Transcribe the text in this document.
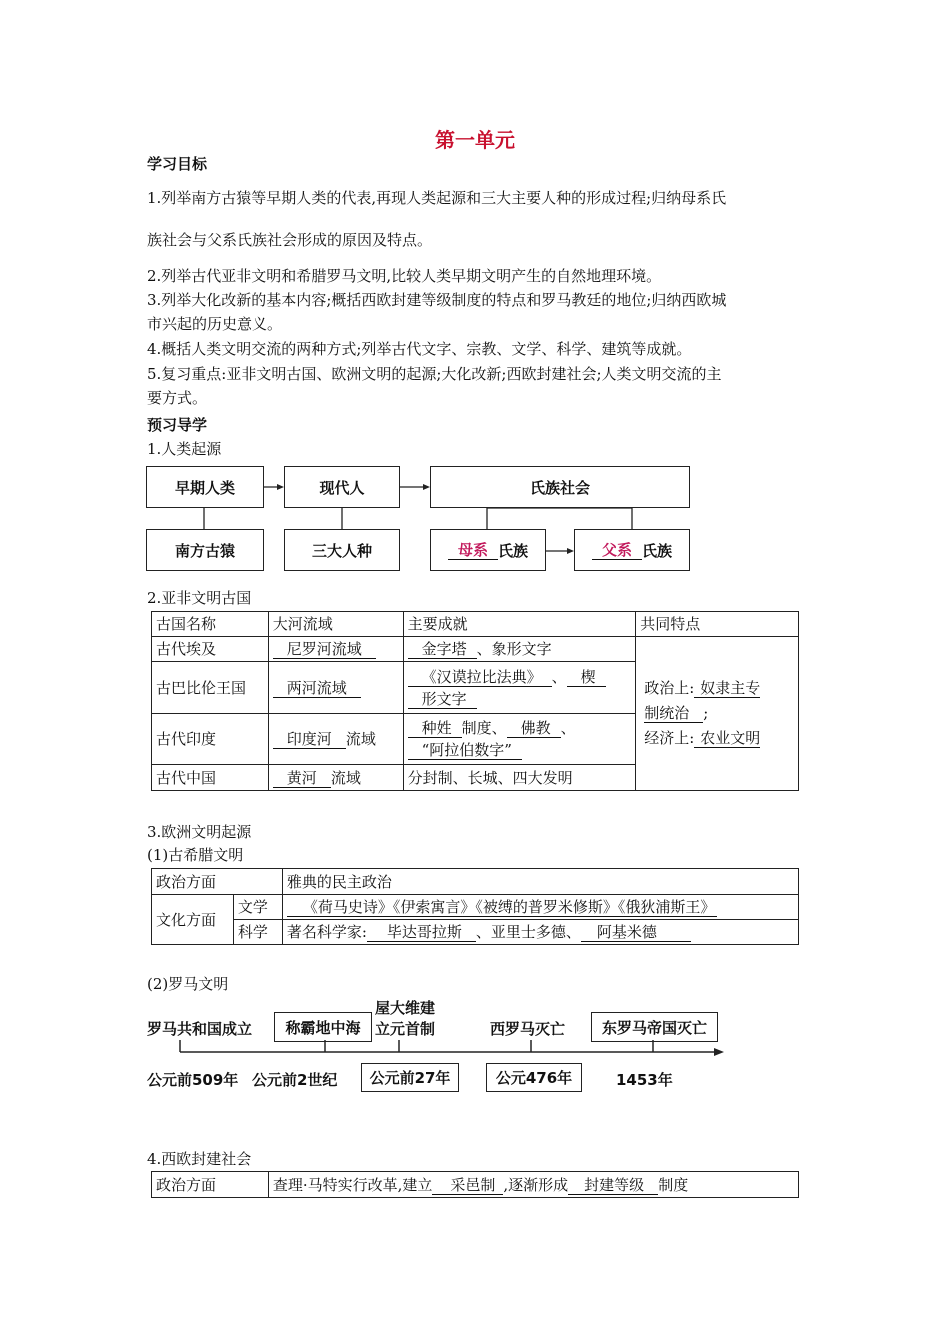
第一单元
学习目标
1.列举南方古猿等早期人类的代表,再现人类起源和三大主要人种的形成过程;归纳母系氏
族社会与父系氏族社会形成的原因及特点。
2.列举古代亚非文明和希腊罗马文明,比较人类早期文明产生的自然地理环境。
3.列举大化改新的基本内容;概括西欧封建等级制度的特点和罗马教廷的地位;归纳西欧城
市兴起的历史意义。
4.概括人类文明交流的两种方式;列举古代文字、宗教、文学、科学、建筑等成就。
5.复习重点:亚非文明古国、欧洲文明的起源;大化改新;西欧封建社会;人类文明交流的主
要方式。
预习导学
1.人类起源
早期人类	现代人	氏族社会
南方古猿	三大人种	母系 氏族	父系 氏族
2.亚非文明古国
古国名称	大河流域	主要成就	共同特点
古代埃及	尼罗河流域	金字塔 、象形文字	政治上: 奴隶主专
制统治 ;
经济上: 农业文明
古巴比伦王国	两河流域	《汉谟拉比法典》 、 楔
形文字	
古代印度	印度河 流域	种姓 制度、 佛教 、
“阿拉伯数字”	
古代中国	黄河 流域	分封制、长城、四大发明	
3.欧洲文明起源
(1)古希腊文明
政治方面		雅典的民主政治
文化方面	文学	《荷马史诗》《伊索寓言》《被缚的普罗米修斯》《俄狄浦斯王》
	科学	著名科学家: 毕达哥拉斯 、亚里士多德、 阿基米德
(2)罗马文明
罗马共和国成立	称霸地中海
屋大维建
立元首制	西罗马灭亡	东罗马帝国灭亡
公元前509年 公元前2世纪	公元前27年	公元476年	1453年
4.西欧封建社会
政治方面	查理·马特实行改革,建立 采邑制 ,逐渐形成 封建等级 制度
